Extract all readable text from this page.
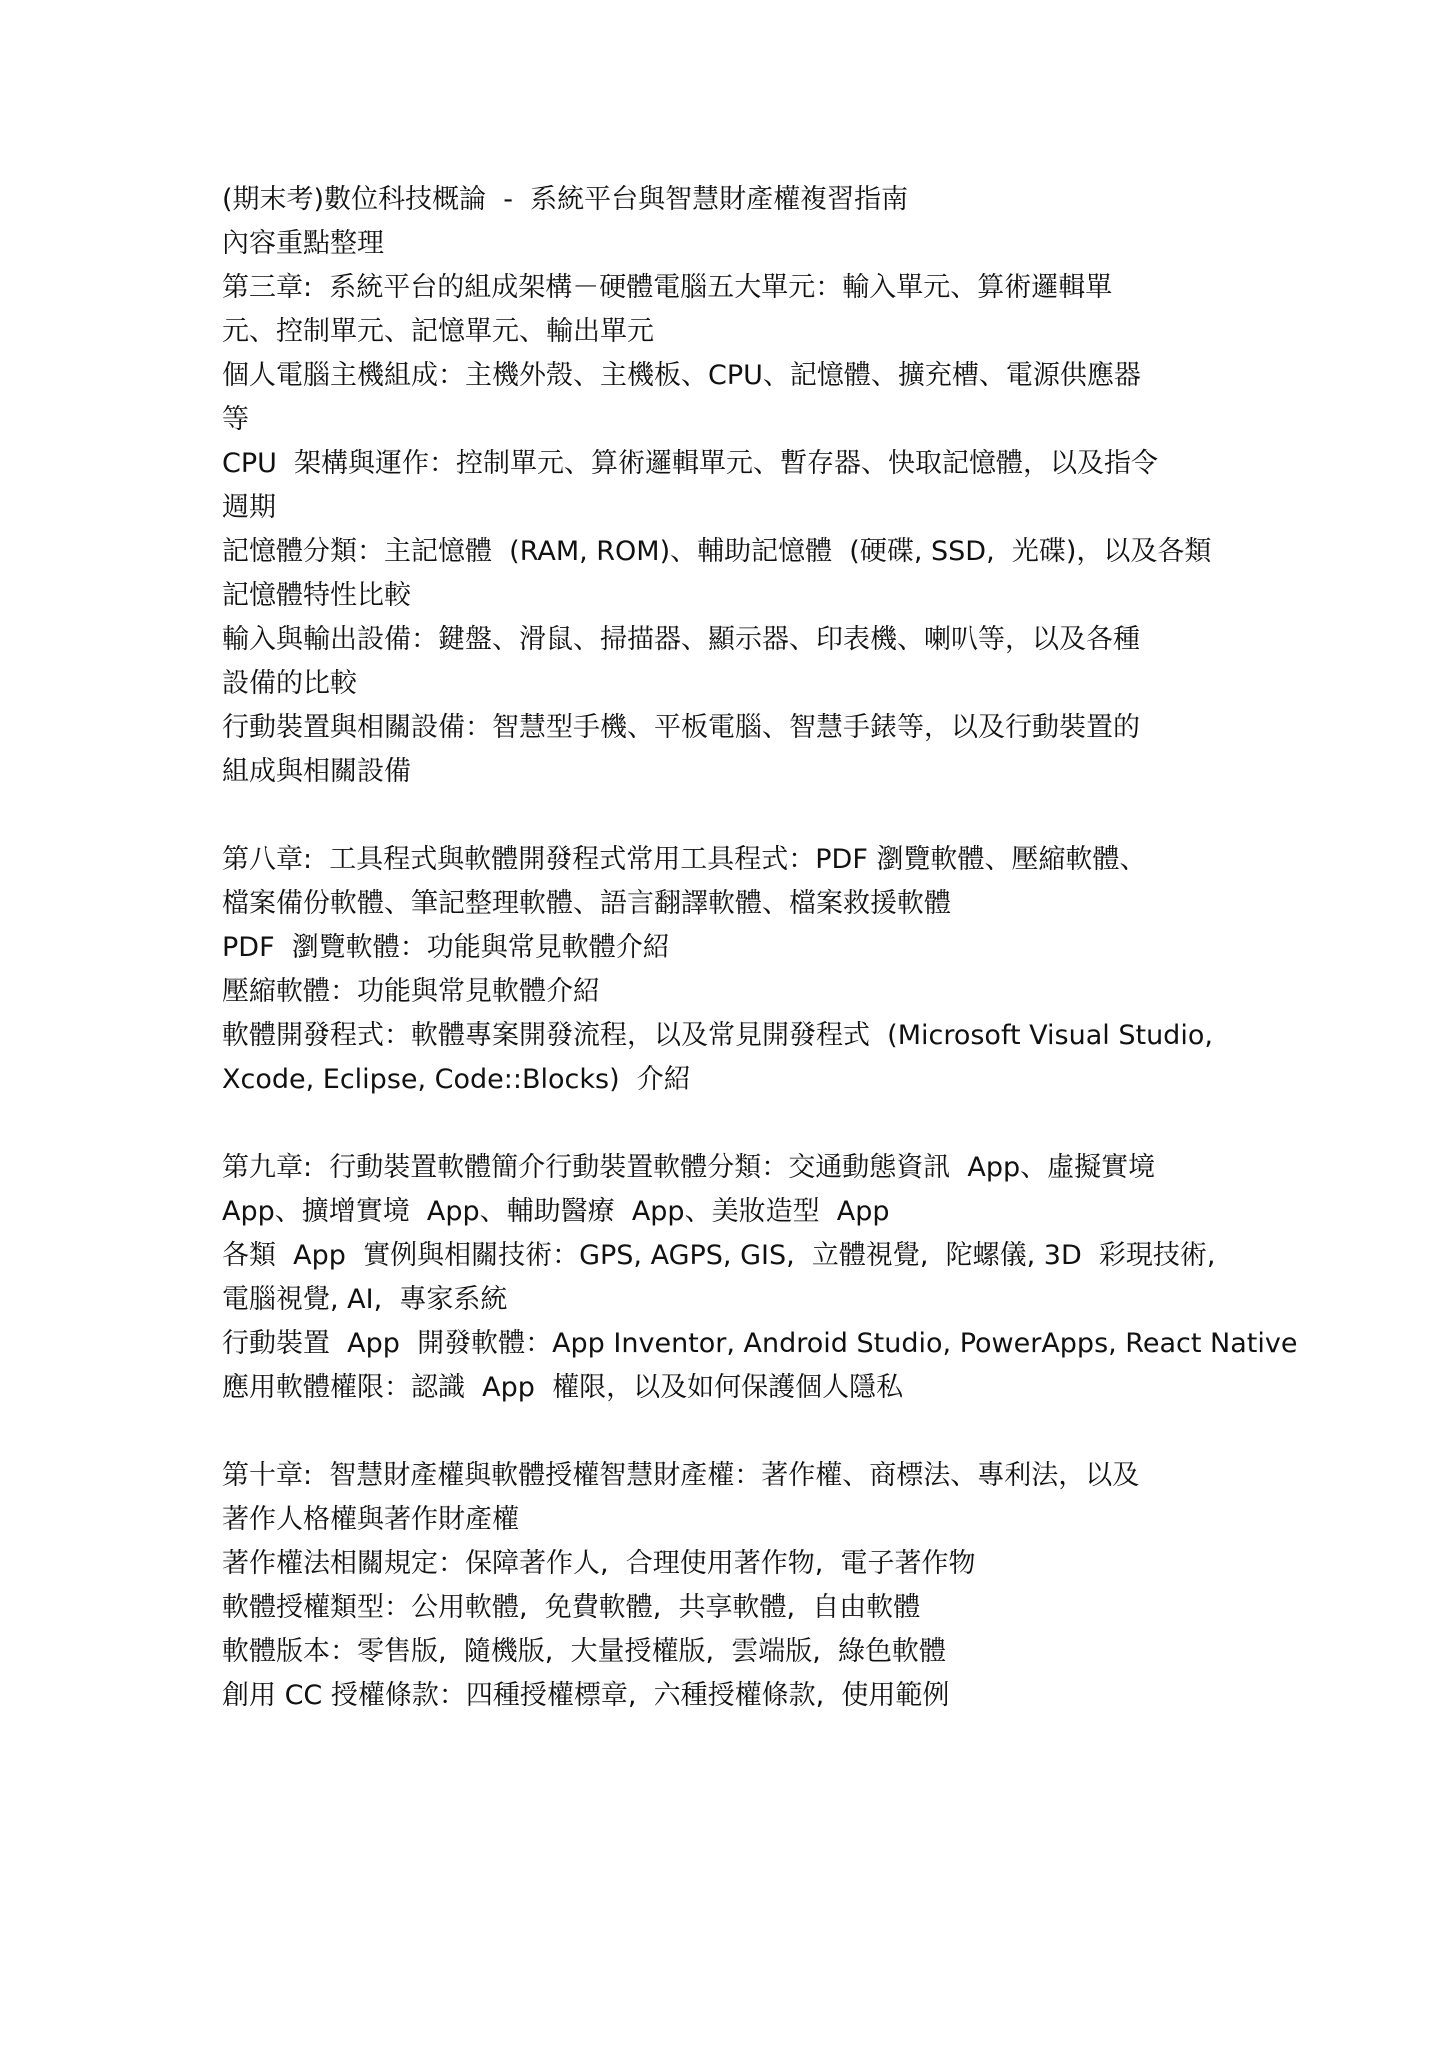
(期末考)數位科技概論  -  系統平台與智慧財產權複習指南
內容重點整理
第三章:  系統平台的組成架構－硬體電腦五大單元：輸入單元、算術邏輯單
元、控制單元、記憶單元、輸出單元
個人電腦主機組成：主機外殼、主機板、CPU、記憶體、擴充槽、電源供應器
等
CPU  架構與運作：控制單元、算術邏輯單元、暫存器、快取記憶體，以及指令
週期
記憶體分類：主記憶體  (RAM, ROM)、輔助記憶體  (硬碟, SSD,  光碟)，以及各類
記憶體特性比較
輸入與輸出設備：鍵盤、滑鼠、掃描器、顯示器、印表機、喇叭等，以及各種
設備的比較
行動裝置與相關設備：智慧型手機、平板電腦、智慧手錶等，以及行動裝置的
組成與相關設備
第八章:  工具程式與軟體開發程式常用工具程式：PDF 瀏覽軟體、壓縮軟體、
檔案備份軟體、筆記整理軟體、語言翻譯軟體、檔案救援軟體
PDF  瀏覽軟體：功能與常見軟體介紹
壓縮軟體：功能與常見軟體介紹
軟體開發程式：軟體專案開發流程，以及常見開發程式  (Microsoft Visual Studio,
Xcode, Eclipse, Code::Blocks)  介紹
第九章:  行動裝置軟體簡介行動裝置軟體分類：交通動態資訊  App、虛擬實境
App、擴增實境  App、輔助醫療  App、美妝造型  App
各類  App  實例與相關技術：GPS, AGPS, GIS,  立體視覺,  陀螺儀, 3D  彩現技術,
電腦視覺, AI,  專家系統
行動裝置  App  開發軟體：App Inventor, Android Studio, PowerApps, React Native
應用軟體權限：認識  App  權限，以及如何保護個人隱私
第十章:  智慧財產權與軟體授權智慧財產權：著作權、商標法、專利法，以及
著作人格權與著作財產權
著作權法相關規定：保障著作人,  合理使用著作物,  電子著作物
軟體授權類型：公用軟體,  免費軟體,  共享軟體,  自由軟體
軟體版本：零售版,  隨機版,  大量授權版,  雲端版,  綠色軟體
創用 CC 授權條款：四種授權標章,  六種授權條款,  使用範例
